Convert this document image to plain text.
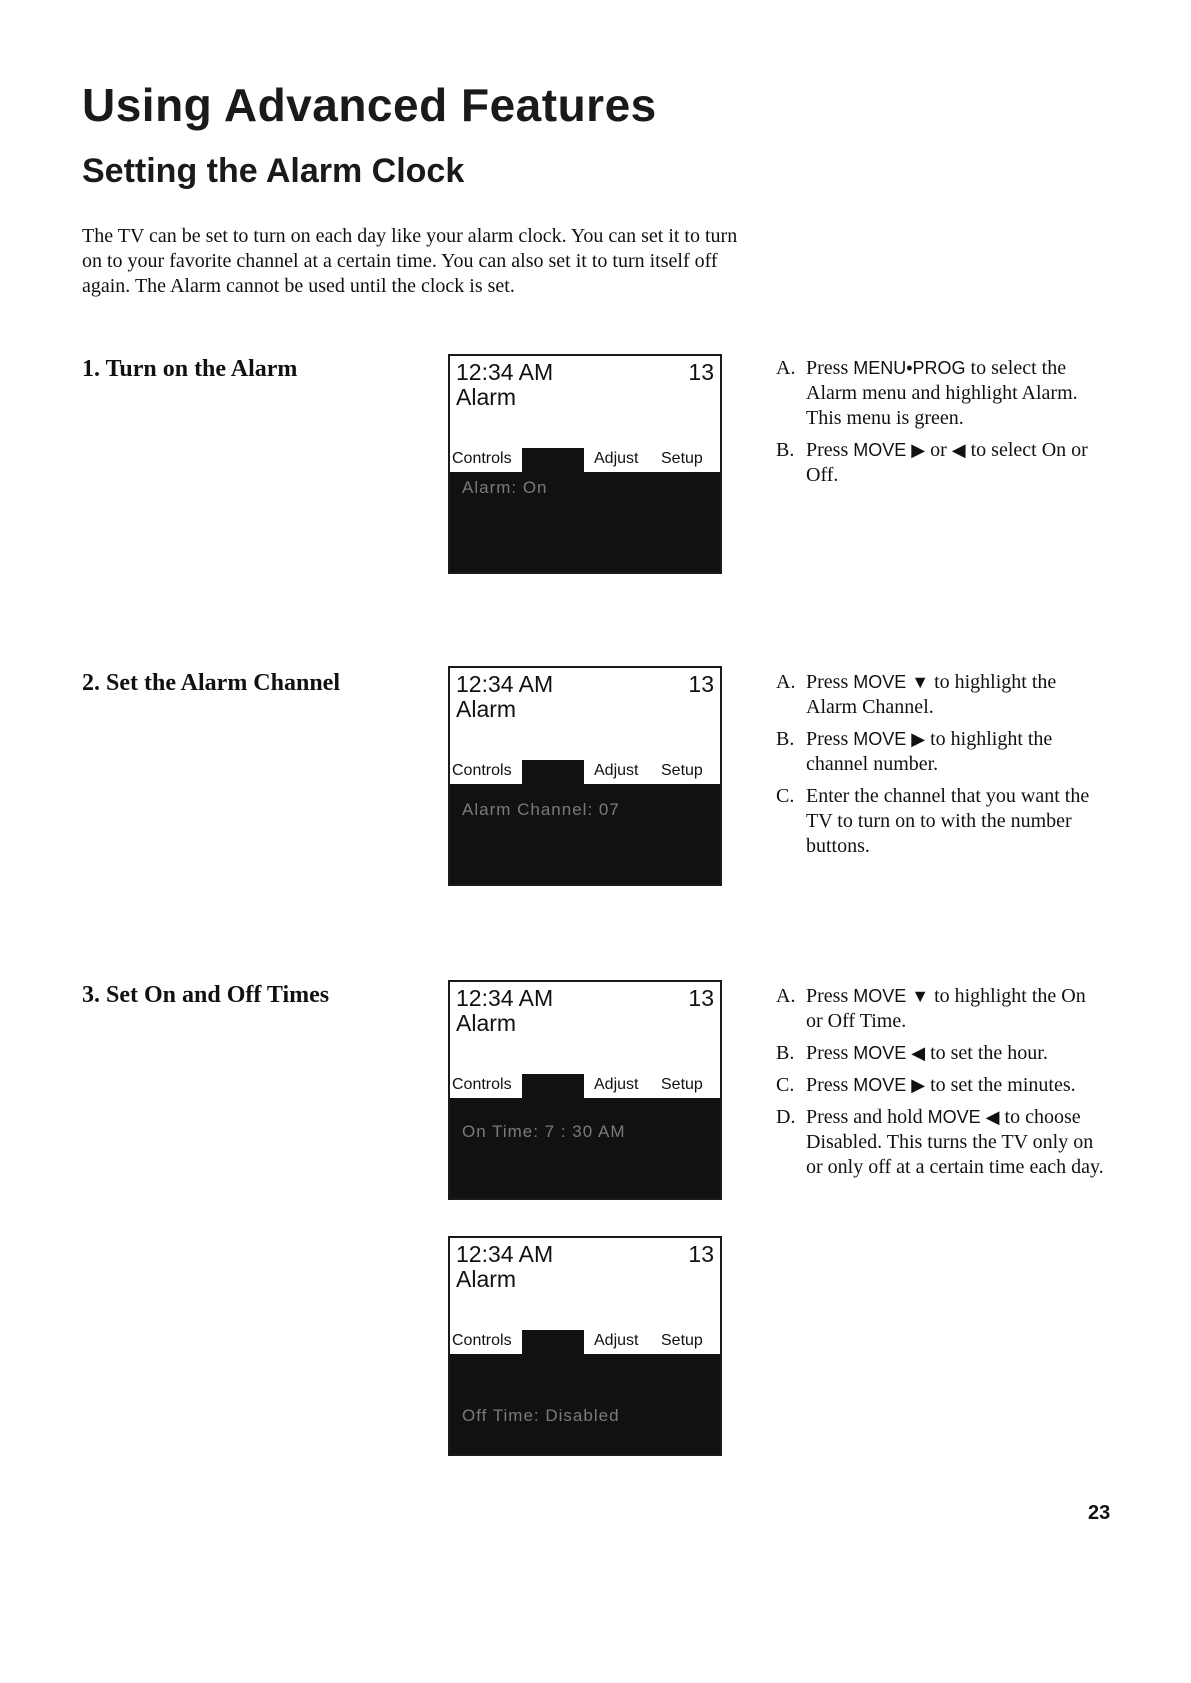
Using Advanced Features
Setting the Alarm Clock

The TV can be set to turn on each day like your alarm clock. You can set it to turn on to your favorite channel at a certain time. You can also set it to turn itself off again. The Alarm cannot be used until the clock is set.

1. Turn on the Alarm	12:34 AM	13
Alarm
Controls	Adjust Setup
Alarm: On
A. Press MENU•PROG to select the Alarm menu and highlight Alarm. This menu is green.
B. Press MOVE ▶ or ◀ to select On or Off.
2. Set the Alarm Channel	12:34 AM	13
Alarm
Controls	Adjust Setup
Alarm Channel: 07
A. Press MOVE ▼ to highlight the Alarm Channel.
B. Press MOVE ▶ to highlight the channel number.
C. Enter the channel that you want the TV to turn on to with the number buttons.
3. Set On and Off Times	12:34 AM	13
Alarm
Controls	Adjust Setup
On Time: 7 : 30 AM
12:34 AM	13
Alarm
Controls	Adjust Setup
Off Time: Disabled
A. Press MOVE ▼ to highlight the On or Off Time.
B. Press MOVE ◀ to set the hour.
C. Press MOVE ▶ to set the minutes.
D. Press and hold MOVE ◀ to choose Disabled. This turns the TV only on or only off at a certain time each day.
23
